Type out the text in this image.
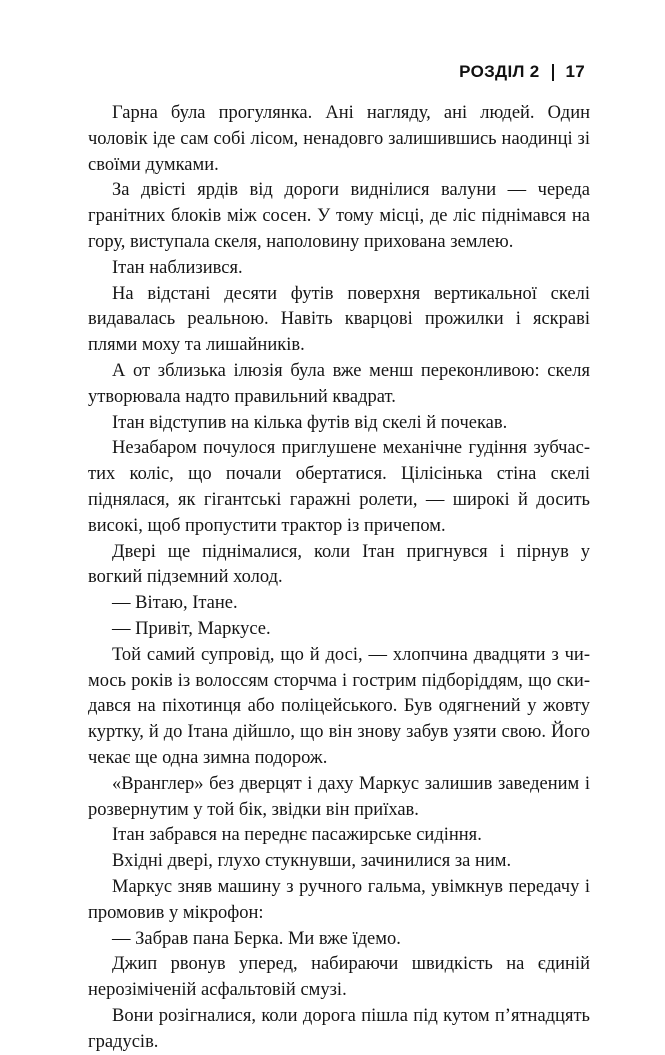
РОЗДІЛ 2 17

Гарна була прогулянка. Ані нагляду, ані людей. Один чоловік іде сам собі лісом, ненадовго залишившись наодинці зі своїми думками.

За двісті ярдів від дороги виднілися валуни — череда гранітних блоків між сосен. У тому місці, де ліс піднімався на гору, виступала скеля, наполовину прихована землею.

Ітан наблизився.

На відстані десяти футів поверхня вертикальної скелі видавалась реальною. Навіть кварцові прожилки і яскраві плями моху та лишайників.

А от зблизька ілюзія була вже менш переконливою: скеля утворювала надто правильний квадрат.

Ітан відступив на кілька футів від скелі й почекав.

Незабаром почулося приглушене механічне гудіння зубчастих коліс, що почали обертатися. Цілісінька стіна скелі піднялася, як гігантські гаражні ролети, — широкі й досить високі, щоб пропустити трактор із причепом.

Двері ще піднімалися, коли Ітан пригнувся і пірнув у вогкий підземний холод.

— Вітаю, Ітане.

— Привіт, Маркусе.

Той самий супровід, що й досі, — хлопчина двадцяти з чимось років із волоссям сторчма і гострим підборіддям, що скидався на піхотинця або поліцейського. Був одягнений у жовту куртку, й до Ітана дійшло, що він знову забув узяти свою. Його чекає ще одна зимна подорож.

«Вранглер» без дверцят і даху Маркус залишив заведеним і розвернутим у той бік, звідки він приїхав.

Ітан забрався на переднє пасажирське сидіння.

Вхідні двері, глухо стукнувши, зачинилися за ним.

Маркус зняв машину з ручного гальма, увімкнув передачу і промовив у мікрофон:

— Забрав пана Берка. Ми вже їдемо.

Джип рвонув уперед, набираючи швидкість на єдиній нерозіміченій асфальтовій смузі.

Вони розігналися, коли дорога пішла під кутом п’ятнадцять градусів.
